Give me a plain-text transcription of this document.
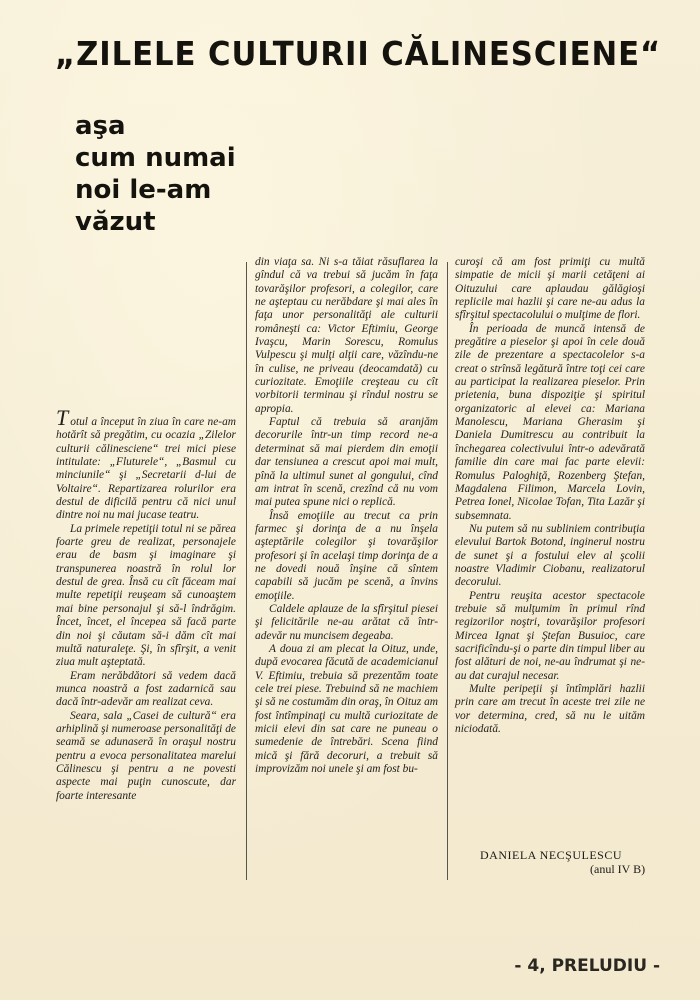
„ZILELE CULTURII CĂLINESCIENE“
aşa
cum numai
noi le-am
văzut

Totul a început în ziua în care ne-am hotărît să pregătim, cu ocazia „Zilelor culturii călinesciene“ trei mici piese intitulate: „Fluturele“, „Basmul cu minciunile“ şi „Secretarii d-lui de Voltaire“. Repartizarea rolurilor era destul de dificilă pentru că nici unul dintre noi nu mai jucase teatru.

La primele repetiţii totul ni se părea foarte greu de realizat, personajele erau de basm şi imaginare şi transpunerea noastră în rolul lor destul de grea. Însă cu cît făceam mai multe repetiţii reuşeam să cunoaştem mai bine personajul şi să-l îndrăgim. Încet, încet, el începea să facă parte din noi şi căutam să-i dăm cît mai multă naturaleţe. Şi, în sfîrşit, a venit ziua mult aşteptată.

Eram nerăbdători să vedem dacă munca noastră a fost zadarnică sau dacă într-adevăr am realizat ceva.

Seara, sala „Casei de cultură“ era arhiplină şi numeroase personalităţi de seamă se adunaseră în oraşul nostru pentru a evoca personalitatea marelui Călinescu şi pentru a ne povesti aspecte mai puţin cunoscute, dar foarte interesante

din viaţa sa. Ni s-a tăiat răsuflarea la gîndul că va trebui să jucăm în faţa tovarăşilor profesori, a colegilor, care ne aşteptau cu nerăbdare şi mai ales în faţa unor personalităţi ale culturii româneşti ca: Victor Eftimiu, George Ivaşcu, Marin Sorescu, Romulus Vulpescu şi mulţi alţii care, văzîndu-ne în culise, ne priveau (deocamdată) cu curiozitate. Emoţiile creşteau cu cît vorbitorii terminau şi rîndul nostru se apropia.

Faptul că trebuia să aranjăm decorurile într-un timp record ne-a determinat să mai pierdem din emoţii dar tensiunea a crescut apoi mai mult, pînă la ultimul sunet al gongului, cînd am intrat în scenă, crezînd că nu vom mai putea spune nici o replică.

Însă emoţiile au trecut ca prin farmec şi dorinţa de a nu înşela aşteptările colegilor şi tovarăşilor profesori şi în acelaşi timp dorinţa de a ne dovedi nouă înşine că sîntem capabili să jucăm pe scenă, a învins emoţiile.

Caldele aplauze de la sfîrşitul piesei şi felicitările ne-au arătat că într-adevăr nu muncisem degeaba.

A doua zi am plecat la Oituz, unde, după evocarea făcută de academicianul V. Eftimiu, trebuia să prezentăm toate cele trei piese. Trebuind să ne machiem şi să ne costumăm din oraş, în Oituz am fost întîmpinaţi cu multă curiozitate de micii elevi din sat care ne puneau o sumedenie de întrebări. Scena fiind mică şi fără decoruri, a trebuit să improvizăm noi unele şi am fost bu-

curoşi că am fost primiţi cu multă simpatie de micii şi marii cetăţeni ai Oituzului care aplaudau gălăgioşi replicile mai hazlii şi care ne-au adus la sfîrşitul spectacolului o mulţime de flori.

În perioada de muncă intensă de pregătire a pieselor şi apoi în cele două zile de prezentare a spectacolelor s-a creat o strînsă legătură între toţi cei care au participat la realizarea pieselor. Prin prietenia, buna dispoziţie şi spiritul organizatoric al elevei ca: Mariana Manolescu, Mariana Gherasim şi Daniela Dumitrescu au contribuit la închegarea colectivului într-o adevărată familie din care mai fac parte elevii: Romulus Paloghiţă, Rozenberg Ştefan, Magdalena Filimon, Marcela Lovin, Petrea Ionel, Nicolae Tofan, Tita Lazăr şi subsemnata.

Nu putem să nu subliniem contribuţia elevului Bartok Botond, inginerul nostru de sunet şi a fostului elev al şcolii noastre Vladimir Ciobanu, realizatorul decorului.

Pentru reuşita acestor spectacole trebuie să mulţumim în primul rînd regizorilor noştri, tovarăşilor profesori Mircea Ignat şi Ştefan Busuioc, care sacrificîndu-şi o parte din timpul liber au fost alături de noi, ne-au îndrumat şi ne-au dat curajul necesar.

Multe peripeţii şi întîmplări hazlii prin care am trecut în aceste trei zile ne vor determina, cred, să nu le uităm niciodată.

DANIELA NECŞULESCU
(anul IV B)
- 4, PRELUDIU -
